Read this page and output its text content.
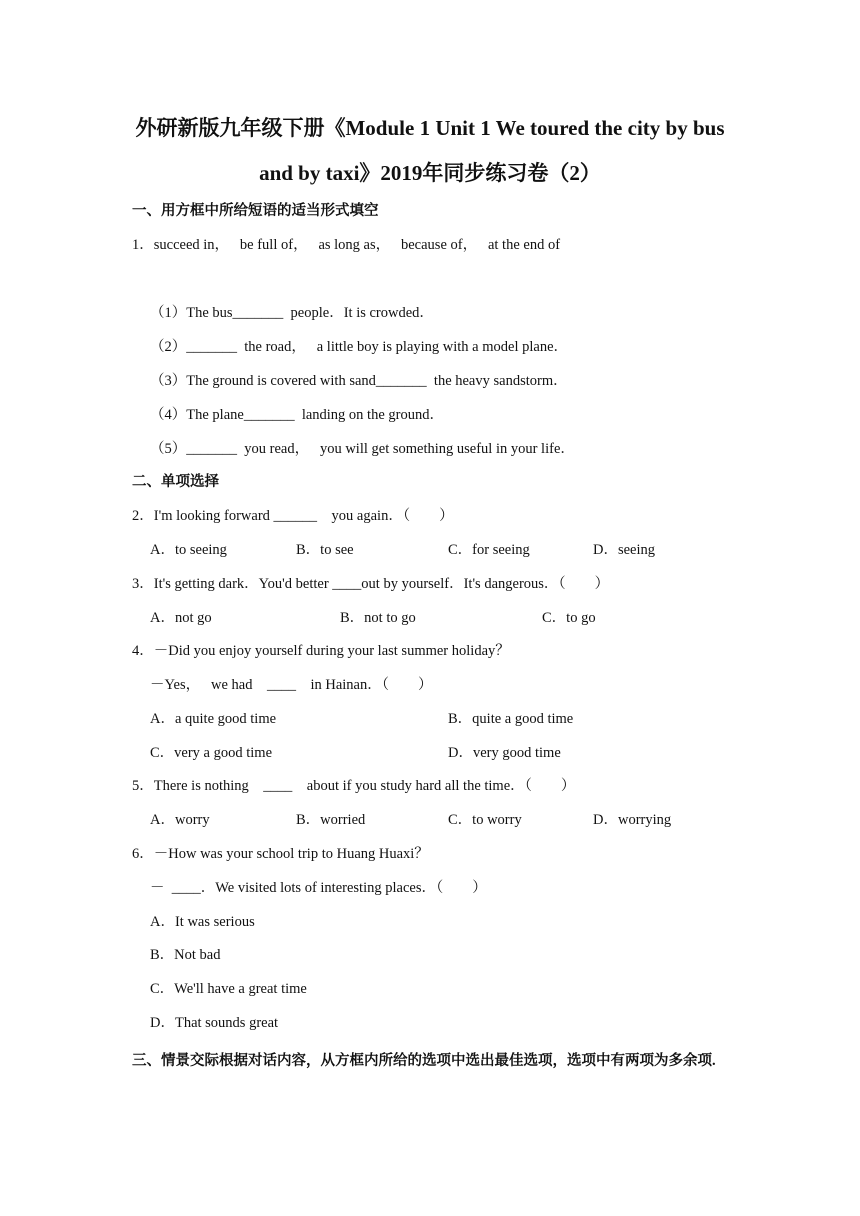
外研新版九年级下册《Module 1 Unit 1 We toured the city by bus
and by taxi》2019年同步练习卷（2）
一、用方框中所给短语的适当形式填空
1．succeed in，   be full of，   as long as，   because of，   at the end of
（1）The bus_______  people．It is crowded．
（2）_______  the road，   a little boy is playing with a model plane．
（3）The ground is covered with sand_______  the heavy sandstorm．
（4）The plane_______  landing on the ground．
（5）_______  you read，   you will get something useful in your life．
二、单项选择
2．I'm looking forward ______    you again．（        ）
A．to seeing	B．to see	C．for seeing	D．seeing
3．It's getting dark．You'd better ____out by yourself．It's dangerous．（        ）
A．not go	B．not to go	C．to go
4．－Did you enjoy yourself during your last summer holiday？
－Yes，   we had    ____    in Hainan．（        ）
A．a quite good time	B．quite a good time
C．very a good time	D．very good time
5．There is nothing    ____    about if you study hard all the time．（        ）
A．worry	B．worried	C．to worry	D．worrying
6．－How was your school trip to Huang Huaxi？
－  ____．We visited lots of interesting places．（        ）
A．It was serious
B．Not bad
C．We'll have a great time
D．That sounds great
三、情景交际根据对话内容，从方框内所给的选项中选出最佳选项，选项中有两项为多余项.
